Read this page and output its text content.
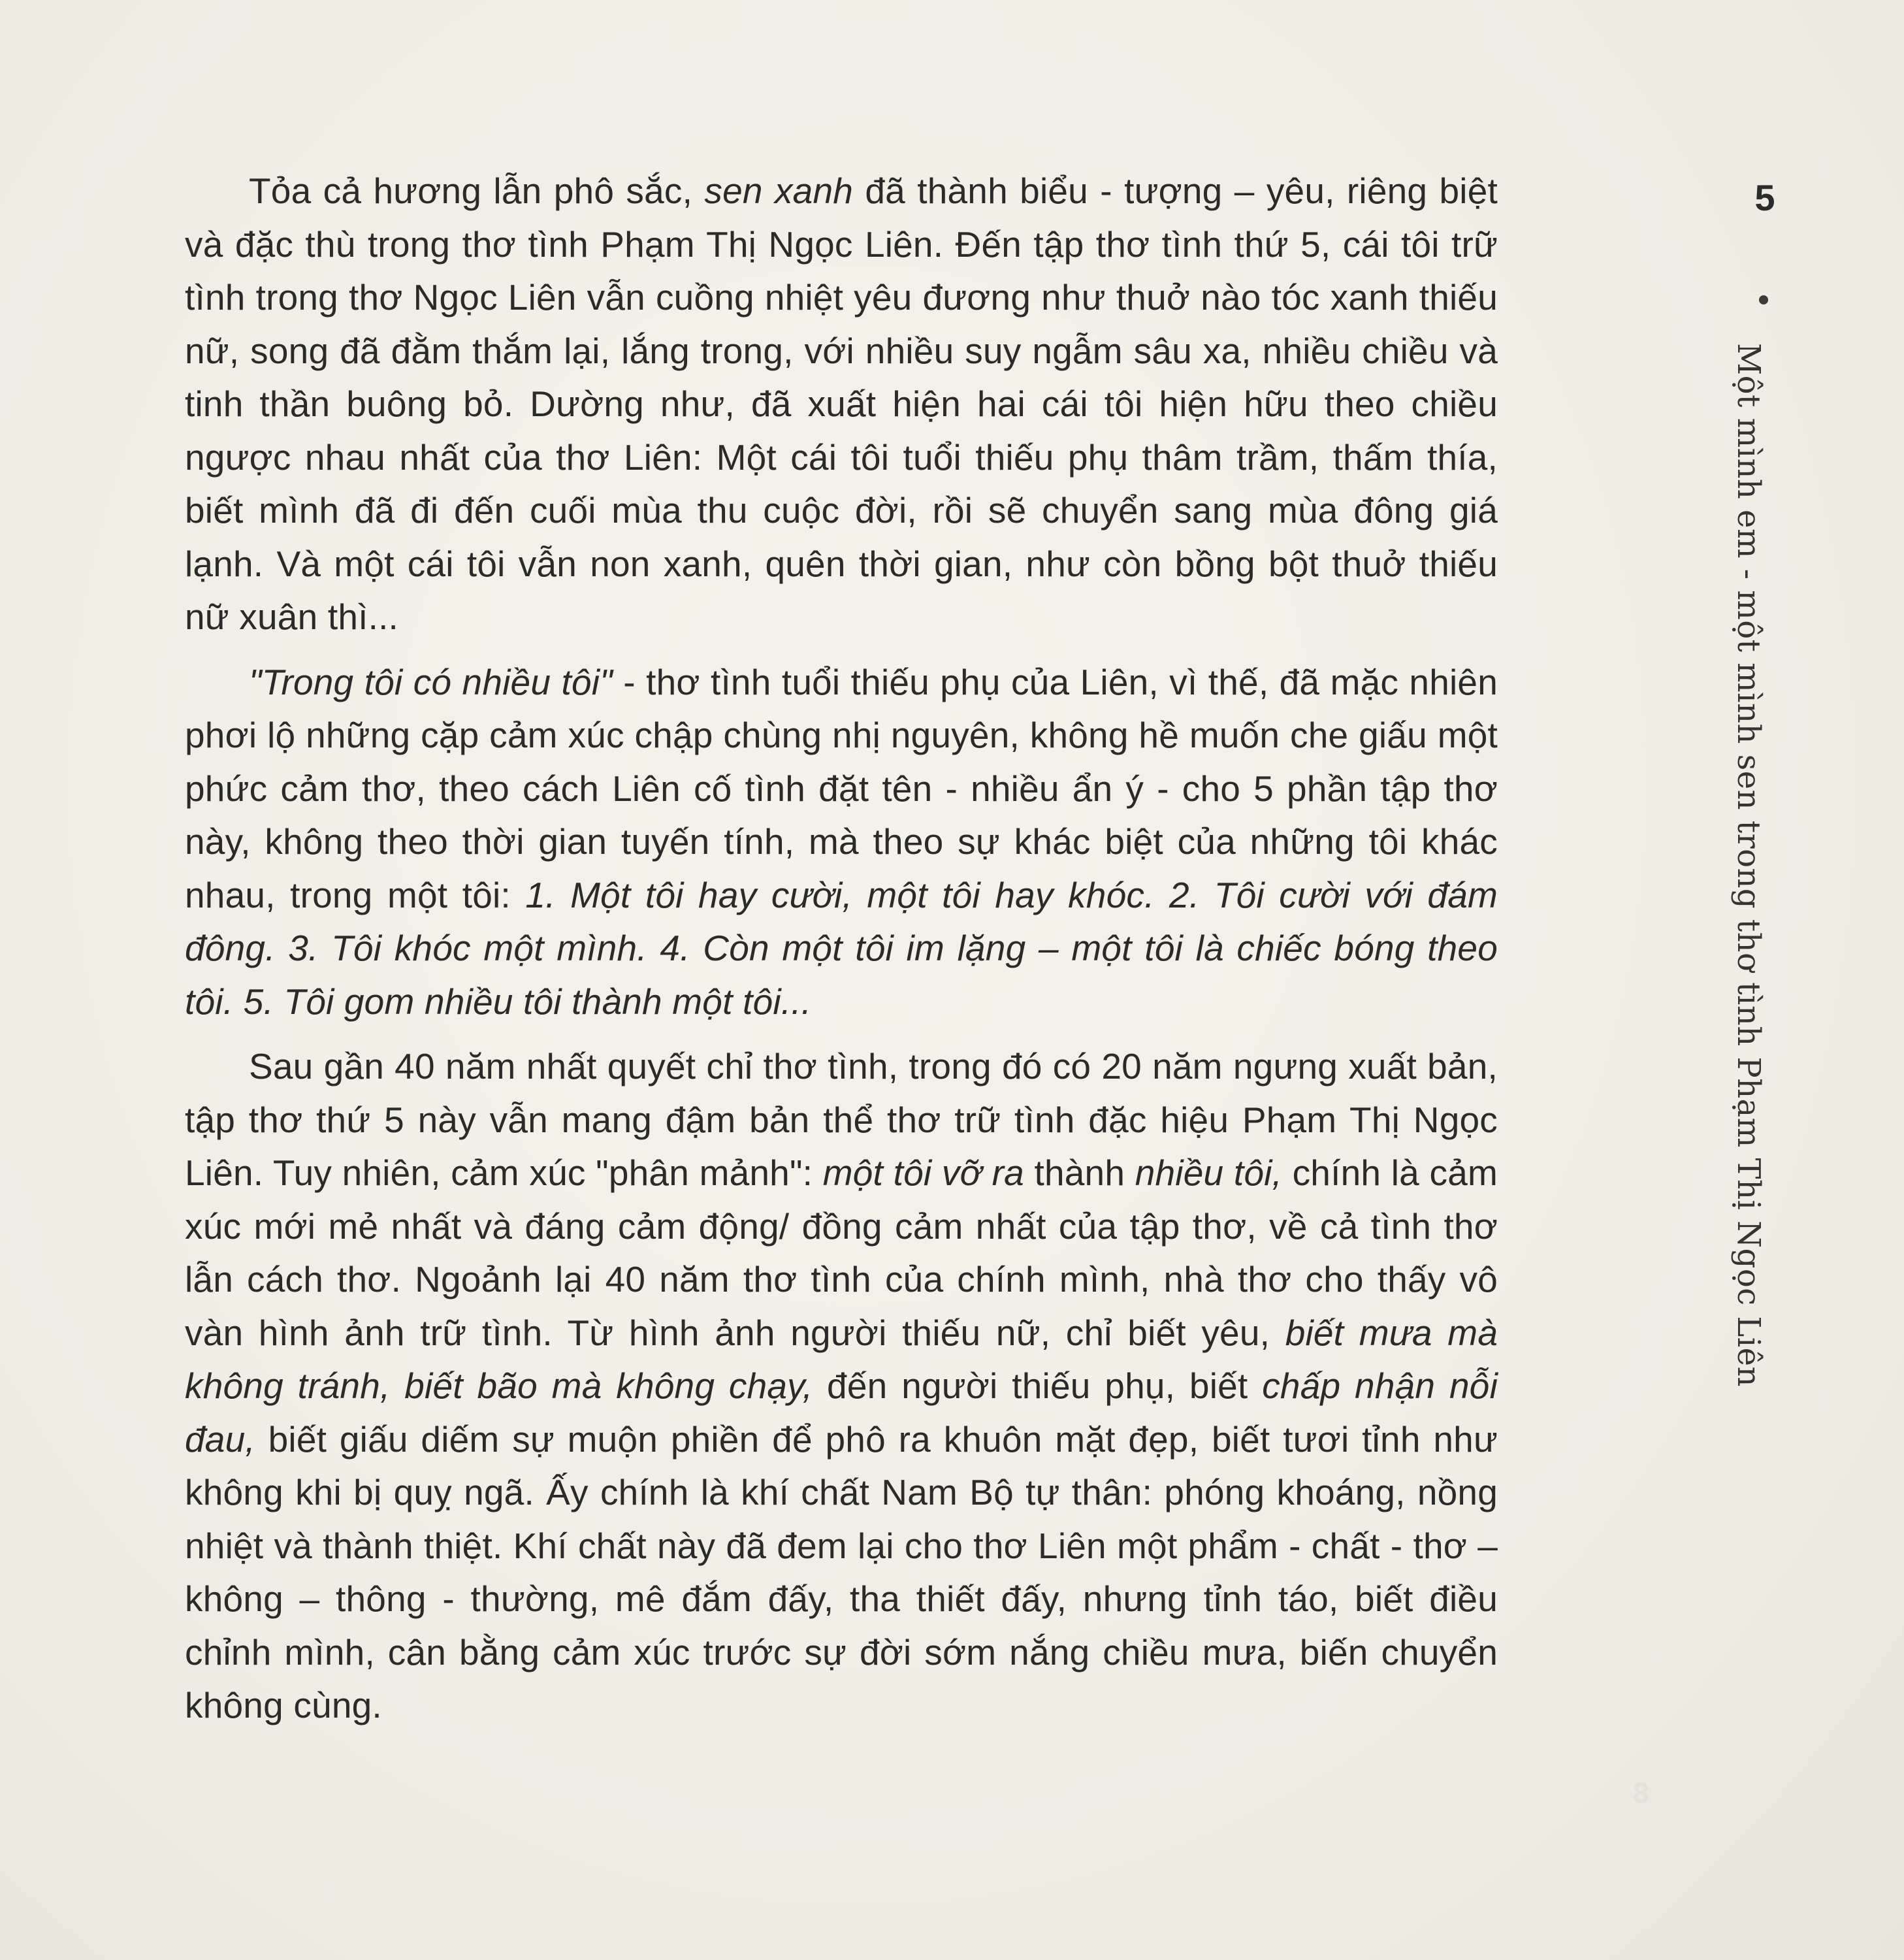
Tỏa cả hương lẫn phô sắc, sen xanh đã thành biểu - tượng – yêu, riêng biệt và đặc thù trong thơ tình Phạm Thị Ngọc Liên. Đến tập thơ tình thứ 5, cái tôi trữ tình trong thơ Ngọc Liên vẫn cuồng nhiệt yêu đương như thuở nào tóc xanh thiếu nữ, song đã đằm thắm lại, lắng trong, với nhiều suy ngẫm sâu xa, nhiều chiều và tinh thần buông bỏ. Dường như, đã xuất hiện hai cái tôi hiện hữu theo chiều ngược nhau nhất của thơ Liên: Một cái tôi tuổi thiếu phụ thâm trầm, thấm thía, biết mình đã đi đến cuối mùa thu cuộc đời, rồi sẽ chuyển sang mùa đông giá lạnh. Và một cái tôi vẫn non xanh, quên thời gian, như còn bồng bột thuở thiếu nữ xuân thì...

"Trong tôi có nhiều tôi" - thơ tình tuổi thiếu phụ của Liên, vì thế, đã mặc nhiên phơi lộ những cặp cảm xúc chập chùng nhị nguyên, không hề muốn che giấu một phức cảm thơ, theo cách Liên cố tình đặt tên - nhiều ẩn ý - cho 5 phần tập thơ này, không theo thời gian tuyến tính, mà theo sự khác biệt của những tôi khác nhau, trong một tôi: 1. Một tôi hay cười, một tôi hay khóc. 2. Tôi cười với đám đông. 3. Tôi khóc một mình. 4. Còn một tôi im lặng – một tôi là chiếc bóng theo tôi. 5. Tôi gom nhiều tôi thành một tôi...

Sau gần 40 năm nhất quyết chỉ thơ tình, trong đó có 20 năm ngưng xuất bản, tập thơ thứ 5 này vẫn mang đậm bản thể thơ trữ tình đặc hiệu Phạm Thị Ngọc Liên. Tuy nhiên, cảm xúc "phân mảnh": một tôi vỡ ra thành nhiều tôi, chính là cảm xúc mới mẻ nhất và đáng cảm động/ đồng cảm nhất của tập thơ, về cả tình thơ lẫn cách thơ. Ngoảnh lại 40 năm thơ tình của chính mình, nhà thơ cho thấy vô vàn hình ảnh trữ tình. Từ hình ảnh người thiếu nữ, chỉ biết yêu, biết mưa mà không tránh, biết bão mà không chạy, đến người thiếu phụ, biết chấp nhận nỗi đau, biết giấu diếm sự muộn phiền để phô ra khuôn mặt đẹp, biết tươi tỉnh như không khi bị quỵ ngã. Ấy chính là khí chất Nam Bộ tự thân: phóng khoáng, nồng nhiệt và thành thiệt. Khí chất này đã đem lại cho thơ Liên một phẩm - chất - thơ – không – thông - thường, mê đắm đấy, tha thiết đấy, nhưng tỉnh táo, biết điều chỉnh mình, cân bằng cảm xúc trước sự đời sớm nắng chiều mưa, biến chuyển không cùng.

5
Một mình em - một mình sen trong thơ tình Phạm Thị Ngọc Liên
8
